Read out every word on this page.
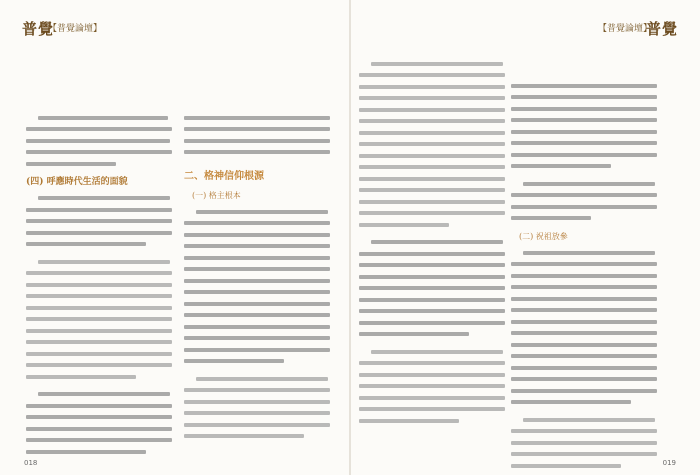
普覺
【普覺論壇】
(四) 呼應時代生活的面貌	二、格神信仰根源
(一) 格主根本
018
普覺
【普覺論壇】
(二) 祝祖放參
019
